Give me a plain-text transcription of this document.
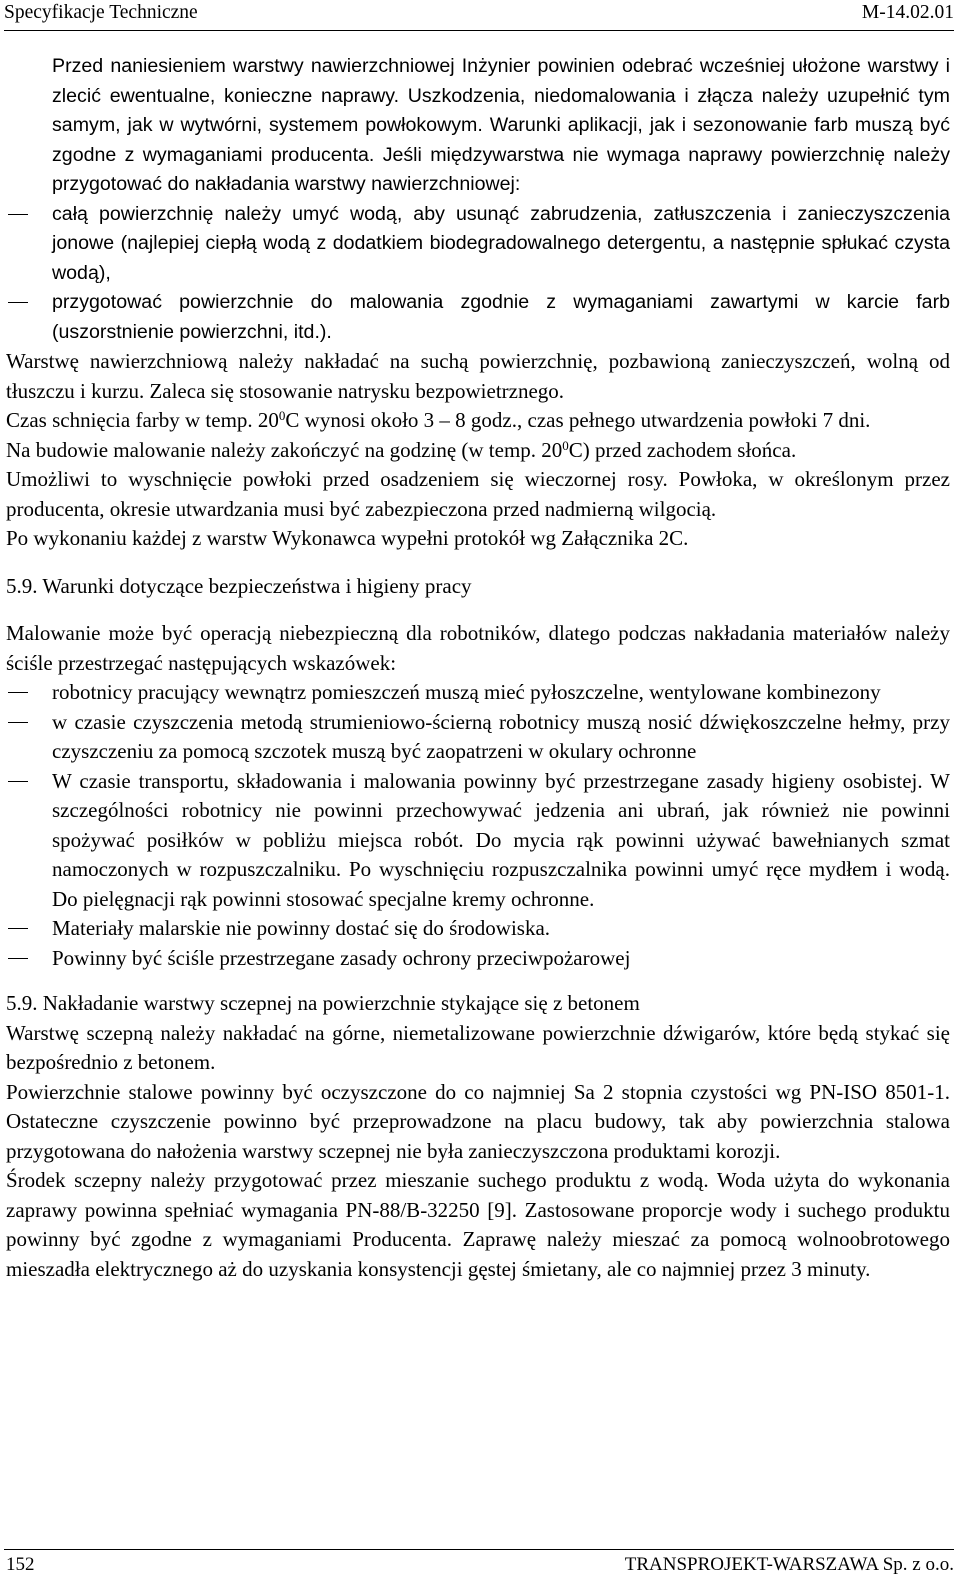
Specyfikacje Techniczne	M-14.02.01

Przed naniesieniem warstwy nawierzchniowej Inżynier powinien odebrać wcześniej ułożone warstwy i zlecić ewentualne, konieczne naprawy. Uszkodzenia, niedomalowania i złącza należy uzupełnić tym samym, jak w wytwórni, systemem powłokowym. Warunki aplikacji, jak i sezonowanie farb muszą być zgodne z wymaganiami producenta. Jeśli międzywarstwa nie wymaga naprawy powierzchnię należy przygotować do nakładania warstwy nawierzchniowej:

całą powierzchnię należy umyć wodą, aby usunąć zabrudzenia, zatłuszczenia i zanieczyszczenia jonowe (najlepiej ciepłą wodą z dodatkiem biodegradowalnego detergentu, a następnie spłukać czysta wodą),
przygotować powierzchnie do malowania zgodnie z wymaganiami zawartymi w karcie farb (uszorstnienie powierzchni, itd.).

Warstwę nawierzchniową należy nakładać na suchą powierzchnię, pozbawioną zanieczyszczeń, wolną od tłuszczu i kurzu. Zaleca się stosowanie natrysku bezpowietrznego.

Czas schnięcia farby w temp. $20^0C$ wynosi około 3 – 8 godz., czas pełnego utwardzenia powłoki 7 dni.

Na budowie malowanie należy zakończyć na godzinę (w temp. $20^0C$) przed zachodem słońca.

Umożliwi to wyschnięcie powłoki przed osadzeniem się wieczornej rosy. Powłoka, w określonym przez producenta, okresie utwardzania musi być zabezpieczona przed nadmierną wilgocią.

Po wykonaniu każdej z warstw Wykonawca wypełni protokół wg Załącznika 2C.

5.9. Warunki dotyczące bezpieczeństwa i higieny pracy

Malowanie może być operacją niebezpieczną dla robotników, dlatego podczas nakładania materiałów należy ściśle przestrzegać następujących wskazówek:

robotnicy pracujący wewnątrz pomieszczeń muszą mieć pyłoszczelne, wentylowane kombinezony
w czasie czyszczenia metodą strumieniowo-ścierną robotnicy muszą nosić dźwiękoszczelne hełmy, przy czyszczeniu za pomocą szczotek muszą być zaopatrzeni w okulary ochronne
W czasie transportu, składowania i malowania powinny być przestrzegane zasady higieny osobistej. W szczególności robotnicy nie powinni przechowywać jedzenia ani ubrań, jak również nie powinni spożywać posiłków w pobliżu miejsca robót. Do mycia rąk powinni używać bawełnianych szmat namoczonych w rozpuszczalniku. Po wyschnięciu rozpuszczalnika powinni umyć ręce mydłem i wodą. Do pielęgnacji rąk powinni stosować specjalne kremy ochronne.
Materiały malarskie nie powinny dostać się do środowiska.
Powinny być ściśle przestrzegane zasady ochrony przeciwpożarowej

5.9. Nakładanie warstwy sczepnej na powierzchnie stykające się z betonem

Warstwę sczepną należy nakładać na górne, niemetalizowane powierzchnie dźwigarów, które będą stykać się bezpośrednio z betonem.

Powierzchnie stalowe powinny być oczyszczone do co najmniej Sa 2 stopnia czystości wg PN-ISO 8501-1. Ostateczne czyszczenie powinno być przeprowadzone na placu budowy, tak aby powierzchnia stalowa przygotowana do nałożenia warstwy sczepnej nie była zanieczyszczona produktami korozji.

Środek sczepny należy przygotować przez mieszanie suchego produktu z wodą. Woda użyta do wykonania zaprawy powinna spełniać wymagania PN-88/B-32250 [9]. Zastosowane proporcje wody i suchego produktu powinny być zgodne z wymaganiami Producenta. Zaprawę należy mieszać za pomocą wolnoobrotowego mieszadła elektrycznego aż do uzyskania konsystencji gęstej śmietany, ale co najmniej przez 3 minuty.

152	TRANSPROJEKT-WARSZAWA Sp. z o.o.
